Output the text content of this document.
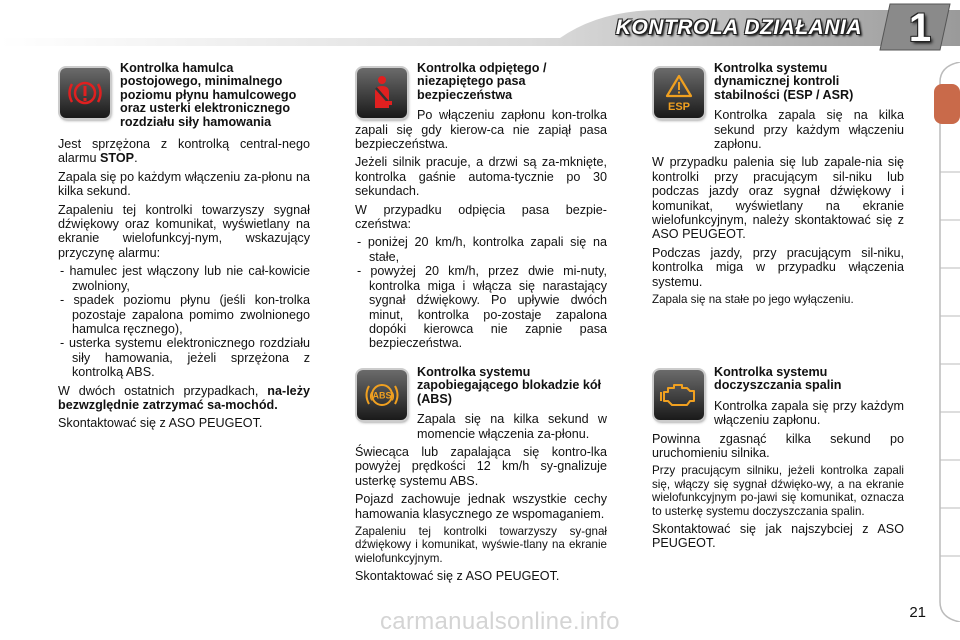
KONTROLA DZIAŁANIA 1
Kontrolka hamulca postojowego, minimalnego poziomu płynu hamulcowego oraz usterki elektronicznego rozdziału siły hamowania

Jest sprzężona z kontrolką central-nego alarmu STOP.

Zapala się po każdym włączeniu za-płonu na kilka sekund.

Zapaleniu tej kontrolki towarzyszy sygnał dźwiękowy oraz komunikat, wyświetlany na ekranie wielofunkcyj-nym, wskazujący przyczynę alarmu:

- hamulec jest włączony lub nie cał-kowicie zwolniony,
- spadek poziomu płynu (jeśli kon-trolka pozostaje zapalona pomimo zwolnionego hamulca ręcznego),
- usterka systemu elektronicznego rozdziału siły hamowania, jeżeli sprzężona z kontrolką ABS.

W dwóch ostatnich przypadkach, na-leży bezwzględnie zatrzymać sa-mochód.

Skontaktować się z ASO PEUGEOT.

Kontrolka odpiętego / niezapiętego pasa bezpieczeństwa

Po włączeniu zapłonu kon-trolka zapali się gdy kierow-ca nie zapiął pasa bezpieczeństwa.

Jeżeli silnik pracuje, a drzwi są za-mknięte, kontrolka gaśnie automa-tycznie po 30 sekundach.

W przypadku odpięcia pasa bezpie-czeństwa:

- poniżej 20 km/h, kontrolka zapali się na stałe,
- powyżej 20 km/h, przez dwie mi-nuty, kontrolka miga i włącza się narastający sygnał dźwiękowy. Po upływie dwóch minut, kontrolka po-zostaje zapalona dopóki kierowca nie zapnie pasa bezpieczeństwa.
(ABS)
Kontrolka systemu zapobiegającego blokadzie kół (ABS)

Zapala się na kilka sekund w momencie włączenia za-płonu.

Świecąca lub zapalająca się kontro-lka powyżej prędkości 12 km/h sy-gnalizuje usterkę systemu ABS.

Pojazd zachowuje jednak wszystkie cechy hamowania klasycznego ze wspomaganiem.

Zapaleniu tej kontrolki towarzyszy sy-gnał dźwiękowy i komunikat, wyświe-tlany na ekranie wielofunkcyjnym.

Skontaktować się z ASO PEUGEOT.

ESP
Kontrolka systemu dynamicznej kontroli stabilności (ESP / ASR)

Kontrolka zapala się na kilka sekund przy każdym włączeniu zapłonu.

W przypadku palenia się lub zapale-nia się kontrolki przy pracującym sil-niku lub podczas jazdy oraz sygnał dźwiękowy i komunikat, wyświetlany na ekranie wielofunkcyjnym, należy skontaktować się z ASO PEUGEOT.

Podczas jazdy, przy pracującym sil-niku, kontrolka miga w przypadku włączenia systemu.

Zapala się na stałe po jego wyłączeniu.

Kontrolka systemu doczyszczania spalin

Kontrolka zapala się przy każdym włączeniu zapłonu.

Powinna zgasnąć kilka sekund po uruchomieniu silnika.

Przy pracującym silniku, jeżeli kontrolka zapali się, włączy się sygnał dźwięko-wy, a na ekranie wielofunkcyjnym po-jawi się komunikat, oznacza to usterkę systemu doczyszczania spalin.

Skontaktować się jak najszybciej z ASO PEUGEOT.

carmanualsonline.info	21
